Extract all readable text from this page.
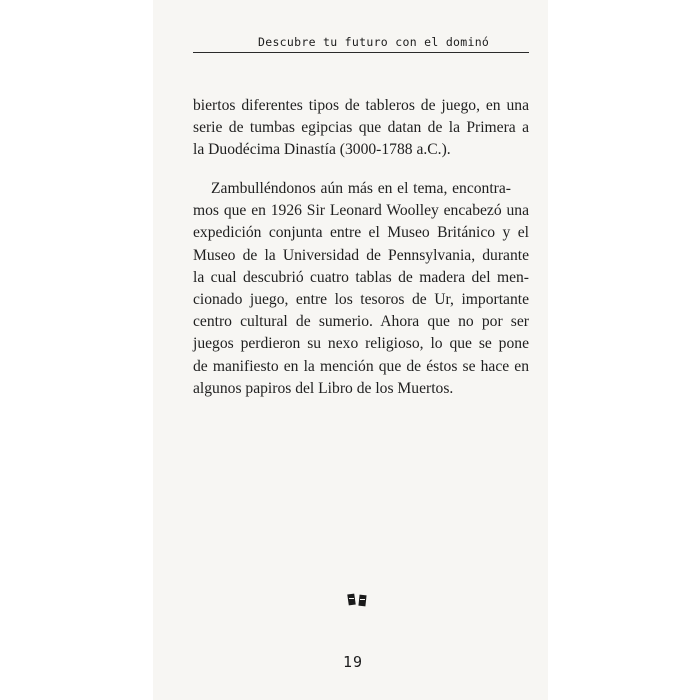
Descubre tu futuro con el dominó
biertos diferentes tipos de tableros de juego, en una
serie de tumbas egipcias que datan de la Primera a
la Duodécima Dinastía (3000-1788 a.C.).
Zambulléndonos aún más en el tema, encontra-
mos que en 1926 Sir Leonard Woolley encabezó una
expedición conjunta entre el Museo Británico y el
Museo de la Universidad de Pennsylvania, durante
la cual descubrió cuatro tablas de madera del men-
cionado juego, entre los tesoros de Ur, importante
centro cultural de sumerio. Ahora que no por ser
juegos perdieron su nexo religioso, lo que se pone
de manifiesto en la mención que de éstos se hace en
algunos papiros del Libro de los Muertos.
19
